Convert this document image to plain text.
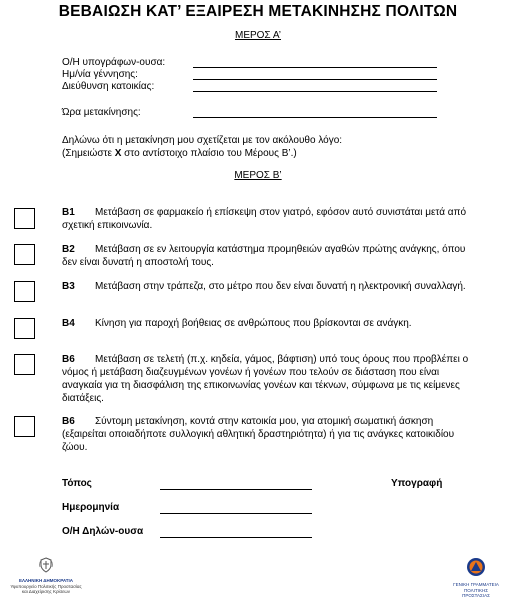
ΒΕΒΑΙΩΣΗ ΚΑΤ’ ΕΞΑΙΡΕΣΗ ΜΕΤΑΚΙΝΗΣΗΣ ΠΟΛΙΤΩΝ
ΜΕΡΟΣ Α’
Ο/Η υπογράφων-ουσα:
Ημ/νία γέννησης:
Διεύθυνση κατοικίας:
Ώρα μετακίνησης:
Δηλώνω ότι η μετακίνηση μου σχετίζεται με τον ακόλουθο λόγο:
(Σημειώστε Χ στο αντίστοιχο πλαίσιο του Μέρους Β’.)
ΜΕΡΟΣ Β’
Β1 Μετάβαση σε φαρμακείο ή επίσκεψη στον γιατρό, εφόσον αυτό συνιστάται μετά από σχετική επικοινωνία.
Β2 Μετάβαση σε εν λειτουργία κατάστημα προμηθειών αγαθών πρώτης ανάγκης, όπου δεν είναι δυνατή η αποστολή τους.
Β3 Μετάβαση στην τράπεζα, στο μέτρο που δεν είναι δυνατή η ηλεκτρονική συναλλαγή.
Β4 Κίνηση για παροχή βοήθειας σε ανθρώπους που βρίσκονται σε ανάγκη.
Β6 Μετάβαση σε τελετή (π.χ. κηδεία, γάμος, βάφτιση) υπό τους όρους που προβλέπει ο νόμος ή μετάβαση διαζευγμένων γονέων ή γονέων που τελούν σε διάσταση που είναι αναγκαία για τη διασφάλιση της επικοινωνίας γονέων και τέκνων, σύμφωνα με τις κείμενες διατάξεις.
Β6 Σύντομη μετακίνηση, κοντά στην κατοικία μου, για ατομική σωματική άσκηση (εξαιρείται οποιαδήποτε συλλογική αθλητική δραστηριότητα) ή για τις ανάγκες κατοικιδίου ζώου.
Τόπος	Υπογραφή
Ημερομηνία
Ο/Η Δηλών-ουσα
ΕΛΛΗΝΙΚΗ ΔΗΜΟΚΡΑΤΙΑ
Υφυπουργείο Πολιτικής Προστασίας
και Διαχείρισης Κρίσεων
ΓΕΝΙΚΗ ΓΡΑΜΜΑΤΕΙΑ
ΠΟΛΙΤΙΚΗΣ ΠΡΟΣΤΑΣΙΑΣ
